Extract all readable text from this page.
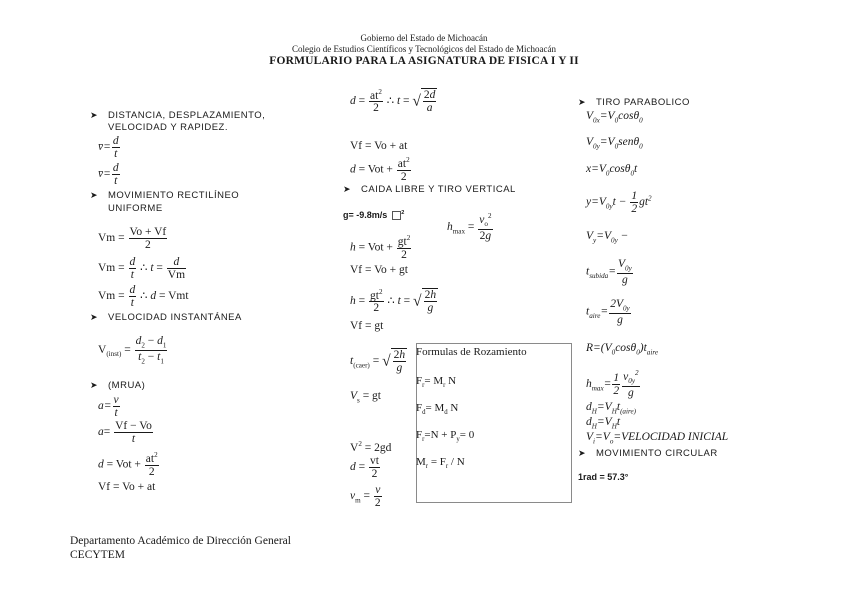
Gobierno del Estado de Michoacán
Colegio de Estudios Científicos y Tecnológicos del Estado de Michoacán
FORMULARIO PARA LA ASIGNATURA DE FISICA I Y II
➤ DISTANCIA, DESPLAZAMIENTO,
VELOCIDAD Y RAPIDEZ.
v̄= $\frac{d}{t}$
v̄= $\frac{d}{t}$
➤ MOVIMIENTO RECTILÍNEO
UNIFORME
$Vm = \frac{Vo + Vf}{2}$
$Vm = \frac{d}{t}$ ∴ $t = \frac{d}{Vm}$
$Vm = \frac{d}{t}$ ∴ d = Vmt
➤ VELOCIDAD INSTANTÁNEA
$V_{(inst)} = \frac{d_2 - d_1}{t_2 - t_1}$
➤ (MRUA)
$a= \frac{v}{t}$
$a= \frac{Vf - Vo}{t}$
d = Vot + $\frac{at^2}{2}$
Vf = Vo + at
$d = \frac{at^2}{2}$ ∴ t = √ $\frac{2d}{a}$
Vf = Vo + at
d = Vot + $\frac{at^2}{2}$
➤ CAIDA LIBRE Y TIRO VERTICAL
g= -9.8m/s	$^2$
$h_{max} = \frac{v_o^2}{2g}$
h = Vot + $\frac{gt^2}{2}$
Vf = Vo + gt
$h = \frac{gt^2}{2}$ ∴ t = √ $\frac{2h}{g}$
Vf = gt
$t_{(caer)}$ = √ $\frac{2h}{g}$
$V_s$ = gt
$V^2 = 2gd$
$d = \frac{vt}{2}$
$v_m = \frac{v}{2}$
Formulas de Rozamiento
$F_r= M_r$ N
$F_d= M_d$ N
$F_r=N + P_y= 0$
$M_r = F_r / N$
➤ TIRO PARABOLICO
$V_{0x}=V_0\cos\theta_0$
$V_{0y}=V_0sen\theta_0$
$x=V_0\cos\theta_0t$
$y=V_{0y}t - \frac{1}{2} gt^2$
$V_y=V_{0y}$ −
$t_{subida}= \frac{V_{0y}}{g}$
$t_{aire}= \frac{2V_{0y}}{g}$
$R=(V_0\cos\theta_0)t_{aire}$
$h_{max}= \frac{1}{2} \frac{v_{0y}^2}{g}$
$d_H=V_Ht_{(aire)}$
$d_H=V_Ht$
$V_i=V_o=VELOCIDAD$ INICIAL
➤ MOVIMIENTO CIRCULAR
1rad = 57.3°
Departamento Académico de Dirección General
CECYTEM
